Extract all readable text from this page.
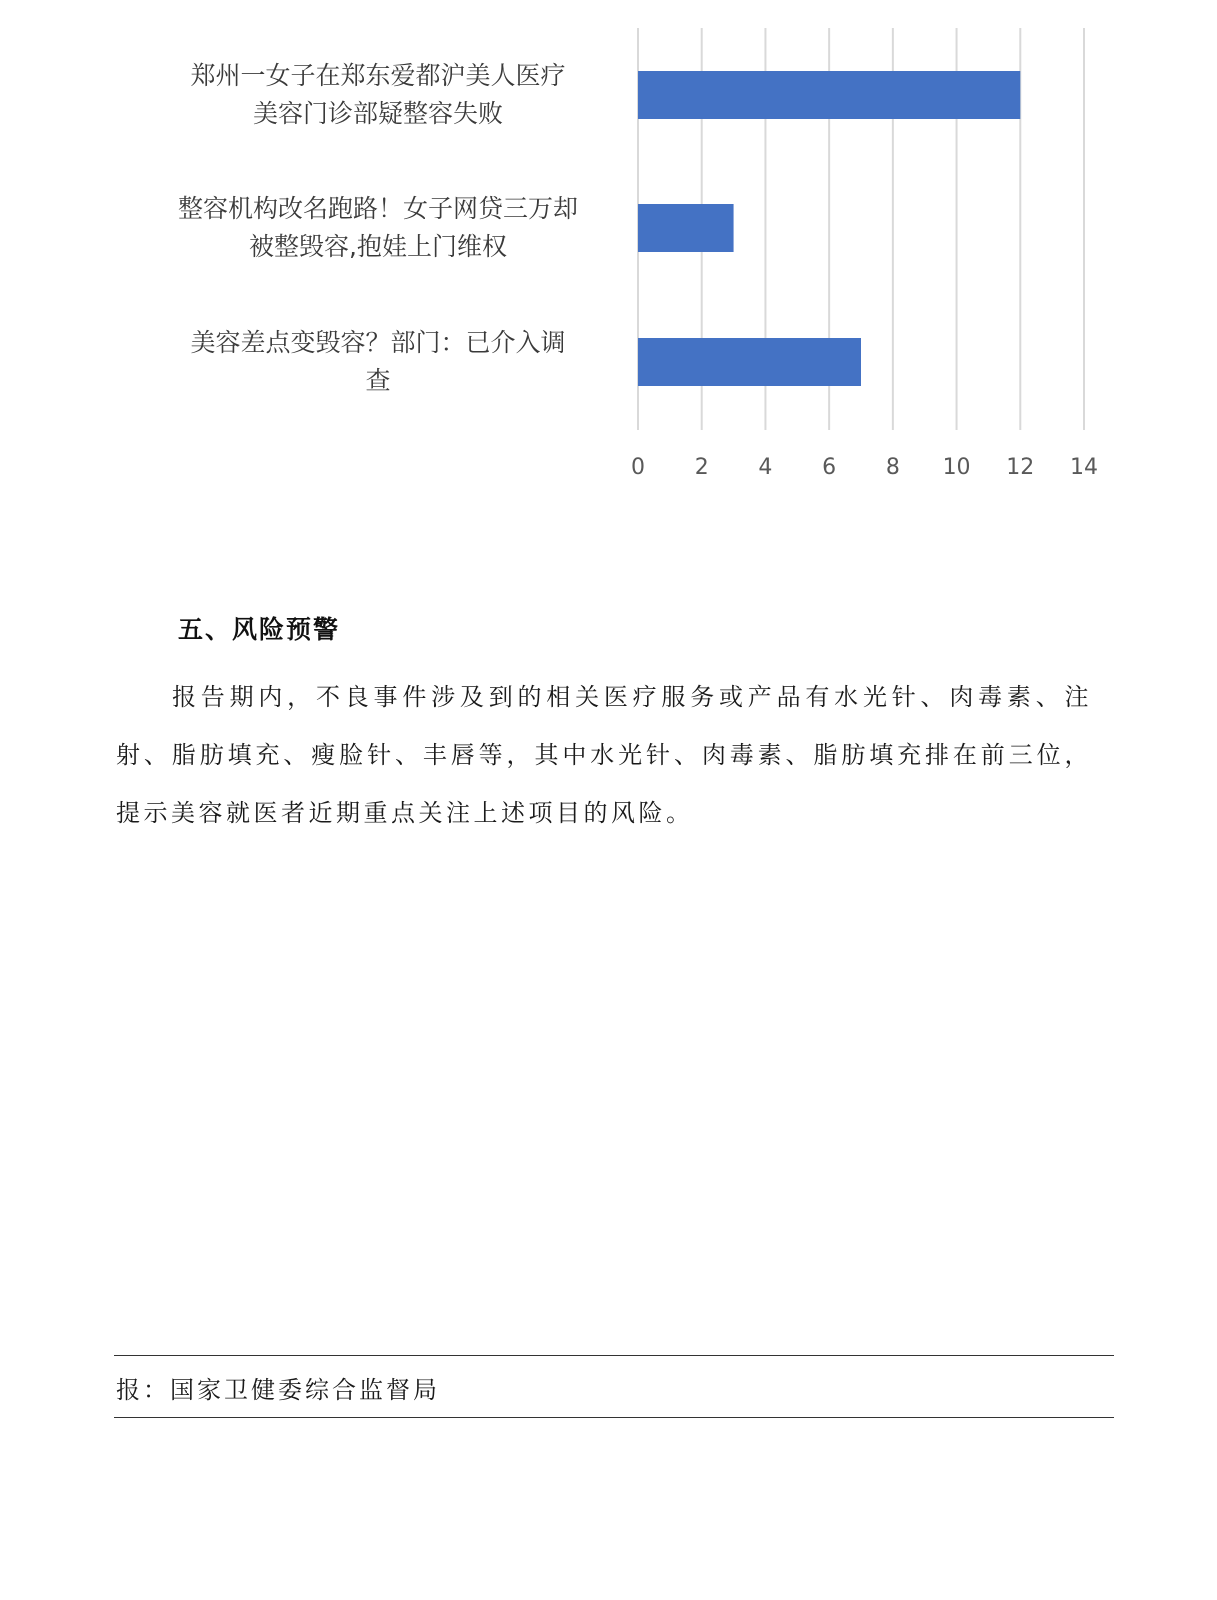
0 2 4 6 8 10 12 14
郑州一女子在郑东爱都沪美人医疗
美容门诊部疑整容失败
整容机构改名跑路！女子网贷三万却
被整毁容,抱娃上门维权
美容差点变毁容？部门：已介入调
查
五、风险预警

报告期内，不良事件涉及到的相关医疗服务或产品有水光针、肉毒素、注射、脂肪填充、瘦脸针、丰唇等，其中水光针、肉毒素、脂肪填充排在前三位，提示美容就医者近期重点关注上述项目的风险。

报：国家卫健委综合监督局
